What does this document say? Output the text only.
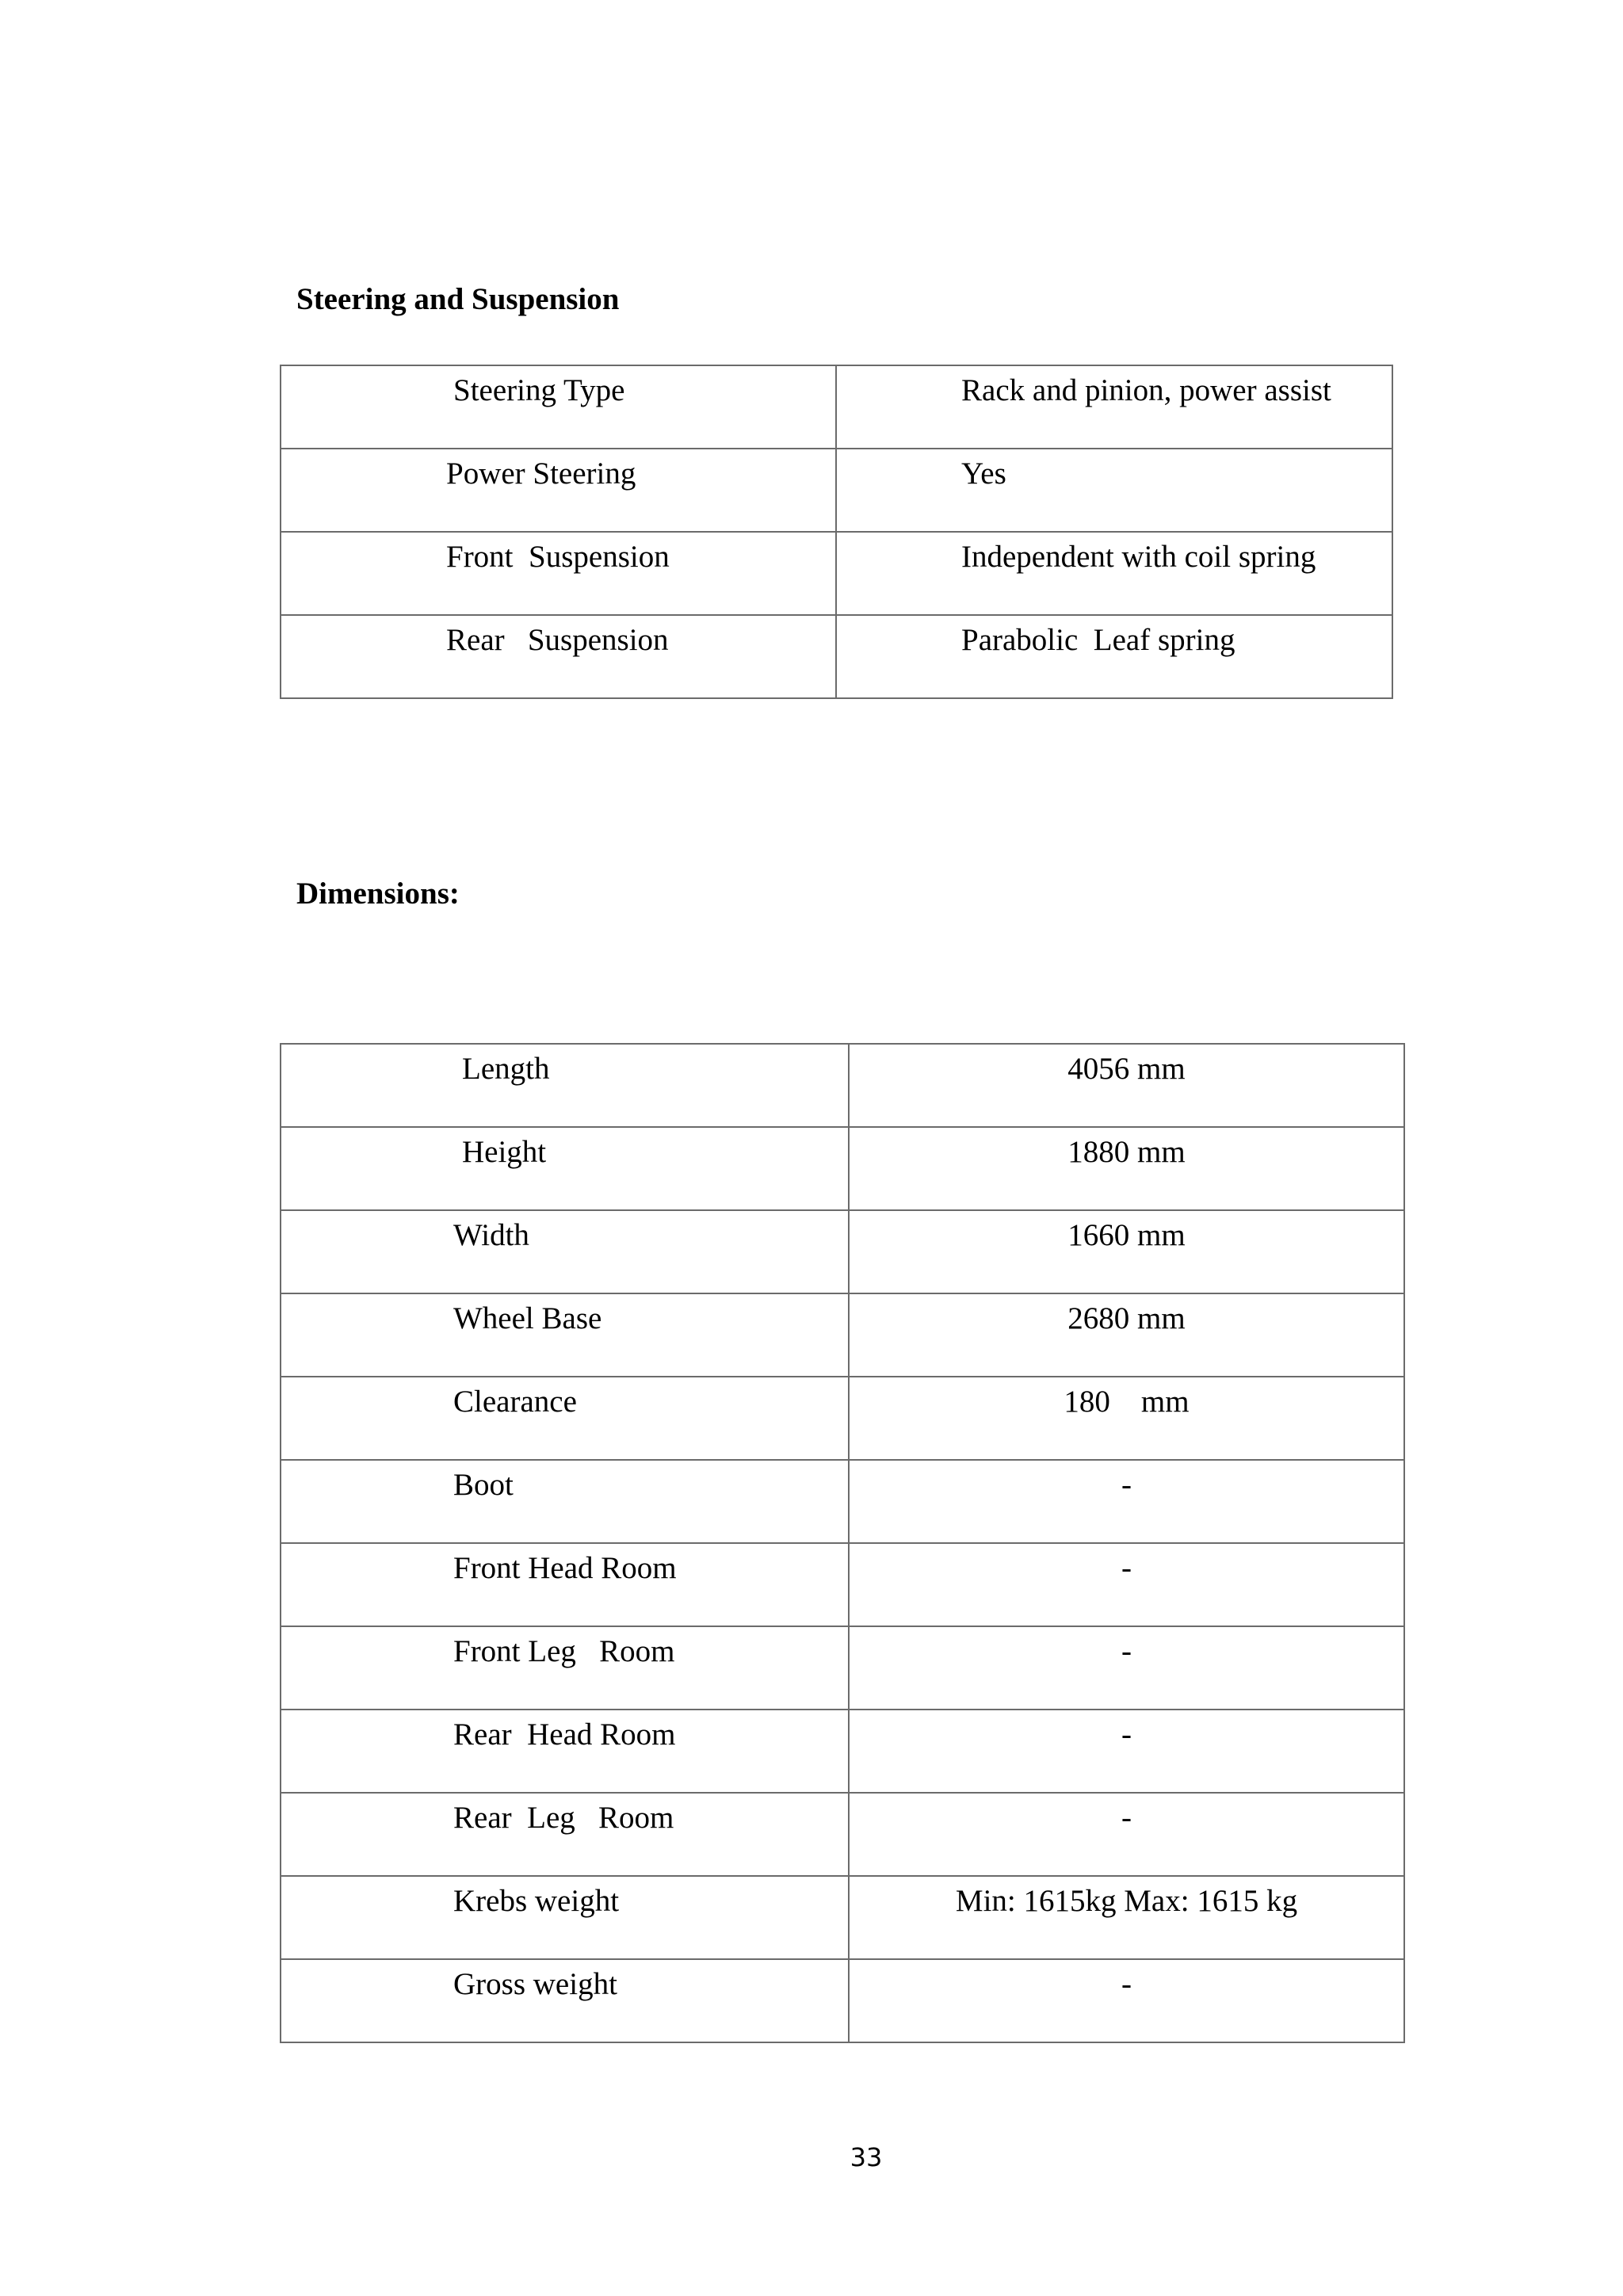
Steering and Suspension
Steering Type	Rack and pinion, power assist

Power Steering	Yes

Front  Suspension	Independent with coil spring

Rear   Suspension	Parabolic  Leaf spring
Dimensions:
Length	4056 mm

Height	1880 mm

Width	1660 mm

Wheel Base	2680 mm

Clearance	180    mm

Boot	-

Front Head Room	-

Front Leg   Room	-

Rear  Head Room	-

Rear  Leg   Room	-

Krebs weight	Min: 1615kg Max: 1615 kg

Gross weight	-
33
